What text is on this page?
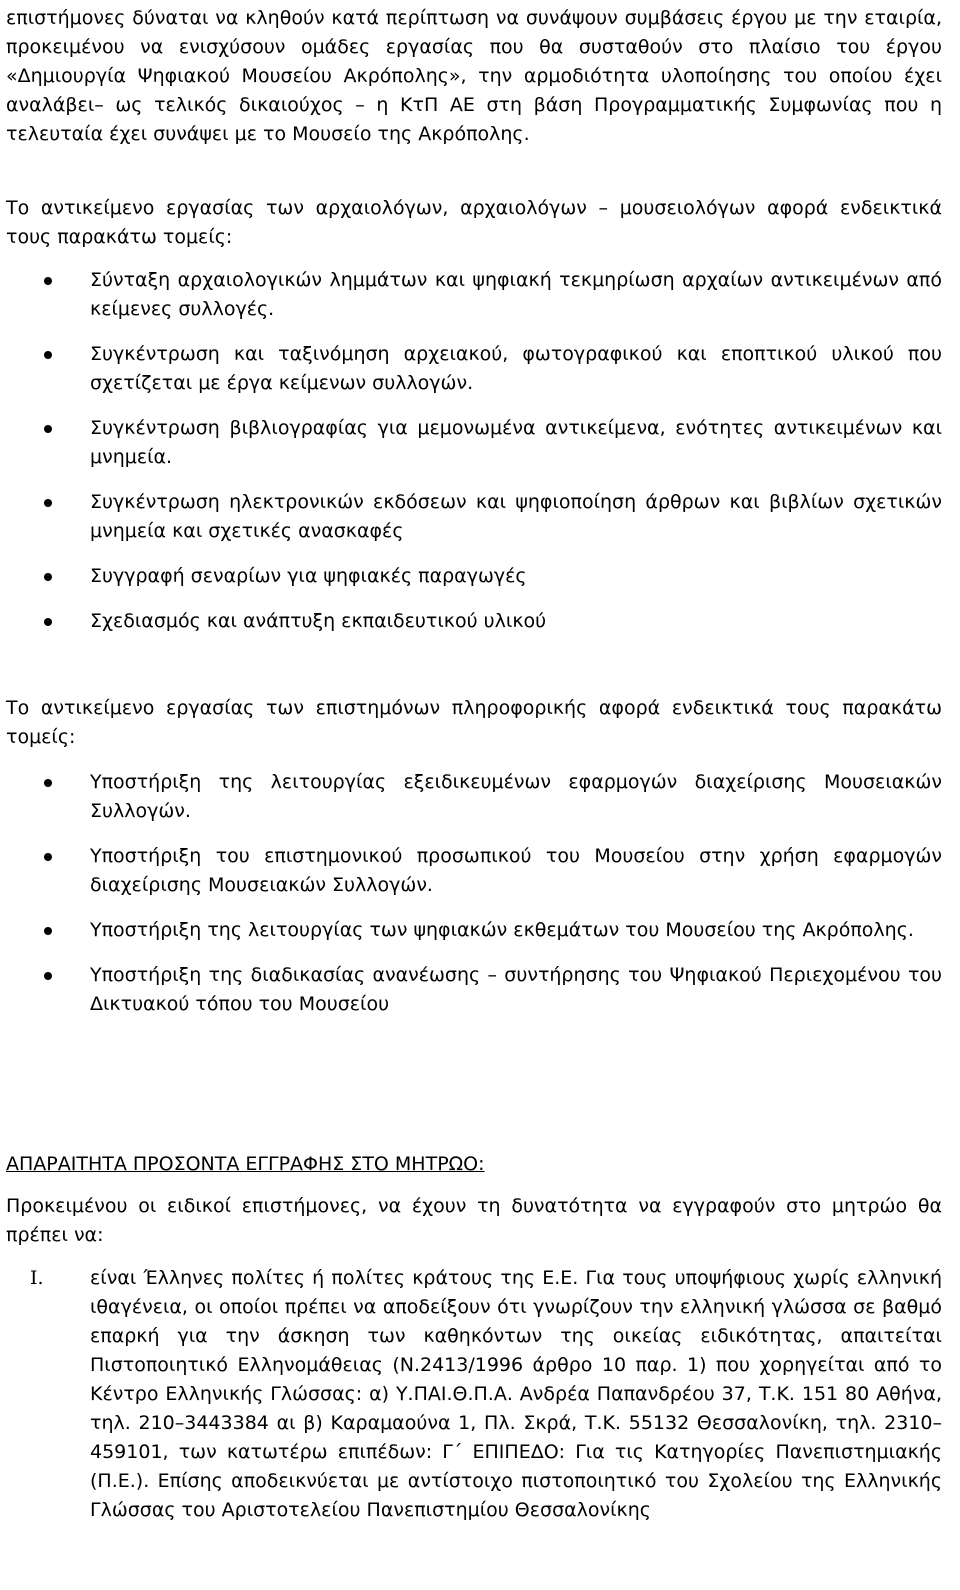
επιστήμονες δύναται να κληθούν κατά περίπτωση να συνάψουν συμβάσεις έργου με την εταιρία, προκειμένου να ενισχύσουν ομάδες εργασίας που θα συσταθούν στο πλαίσιο του έργου «Δημιουργία Ψηφιακού Μουσείου Ακρόπολης», την αρμοδιότητα υλοποίησης του οποίου έχει αναλάβει– ως τελικός δικαιούχος – η ΚτΠ ΑΕ στη βάση Προγραμματικής Συμφωνίας που η τελευταία έχει συνάψει με το Μουσείο της Ακρόπολης.

Το αντικείμενο εργασίας των αρχαιολόγων, αρχαιολόγων – μουσειολόγων αφορά ενδεικτικά τους παρακάτω τομείς:

Σύνταξη αρχαιολογικών λημμάτων και ψηφιακή τεκμηρίωση αρχαίων αντικειμένων από κείμενες συλλογές.
Συγκέντρωση και ταξινόμηση αρχειακού, φωτογραφικού και εποπτικού υλικού που σχετίζεται με έργα κείμενων συλλογών.
Συγκέντρωση βιβλιογραφίας για μεμονωμένα αντικείμενα, ενότητες αντικειμένων και μνημεία.
Συγκέντρωση ηλεκτρονικών εκδόσεων και ψηφιοποίηση άρθρων και βιβλίων σχετικών μνημεία και σχετικές ανασκαφές
Συγγραφή σεναρίων για ψηφιακές παραγωγές
Σχεδιασμός και ανάπτυξη εκπαιδευτικού υλικού

Το αντικείμενο εργασίας των επιστημόνων πληροφορικής αφορά ενδεικτικά τους παρακάτω τομείς:

Υποστήριξη της λειτουργίας εξειδικευμένων εφαρμογών διαχείρισης Μουσειακών Συλλογών.
Υποστήριξη του επιστημονικού προσωπικού του Μουσείου στην χρήση εφαρμογών διαχείρισης Μουσειακών Συλλογών.
Υποστήριξη της λειτουργίας των ψηφιακών εκθεμάτων του Μουσείου της Ακρόπολης.
Υποστήριξη της διαδικασίας ανανέωσης – συντήρησης του Ψηφιακού Περιεχομένου του Δικτυακού τόπου του Μουσείου

ΑΠΑΡΑΙΤΗΤΑ ΠΡΟΣΟΝΤΑ ΕΓΓΡΑΦΗΣ ΣΤΟ ΜΗΤΡΩΟ:

Προκειμένου οι ειδικοί επιστήμονες, να έχουν τη δυνατότητα να εγγραφούν στο μητρώο θα πρέπει να:

I. είναι Έλληνες πολίτες ή πολίτες κράτους της Ε.Ε. Για τους υποψήφιους χωρίς ελληνική ιθαγένεια, οι οποίοι πρέπει να αποδείξουν ότι γνωρίζουν την ελληνική γλώσσα σε βαθμό επαρκή για την άσκηση των καθηκόντων της οικείας ειδικότητας, απαιτείται Πιστοποιητικό Ελληνομάθειας (Ν.2413/1996 άρθρο 10 παρ. 1) που χορηγείται από το Κέντρο Ελληνικής Γλώσσας: α) Υ.ΠΑΙ.Θ.Π.Α. Ανδρέα Παπανδρέου 37, Τ.Κ. 151 80 Αθήνα, τηλ. 210–3443384 αι β) Καραμαούνα 1, Πλ. Σκρά, Τ.Κ. 55132 Θεσσαλονίκη, τηλ. 2310– 459101, των κατωτέρω επιπέδων: Γ΄ ΕΠΙΠΕΔΟ: Για τις Κατηγορίες Πανεπιστημιακής (Π.Ε.). Επίσης αποδεικνύεται με αντίστοιχο πιστοποιητικό του Σχολείου της Ελληνικής Γλώσσας του Αριστοτελείου Πανεπιστημίου Θεσσαλονίκης
